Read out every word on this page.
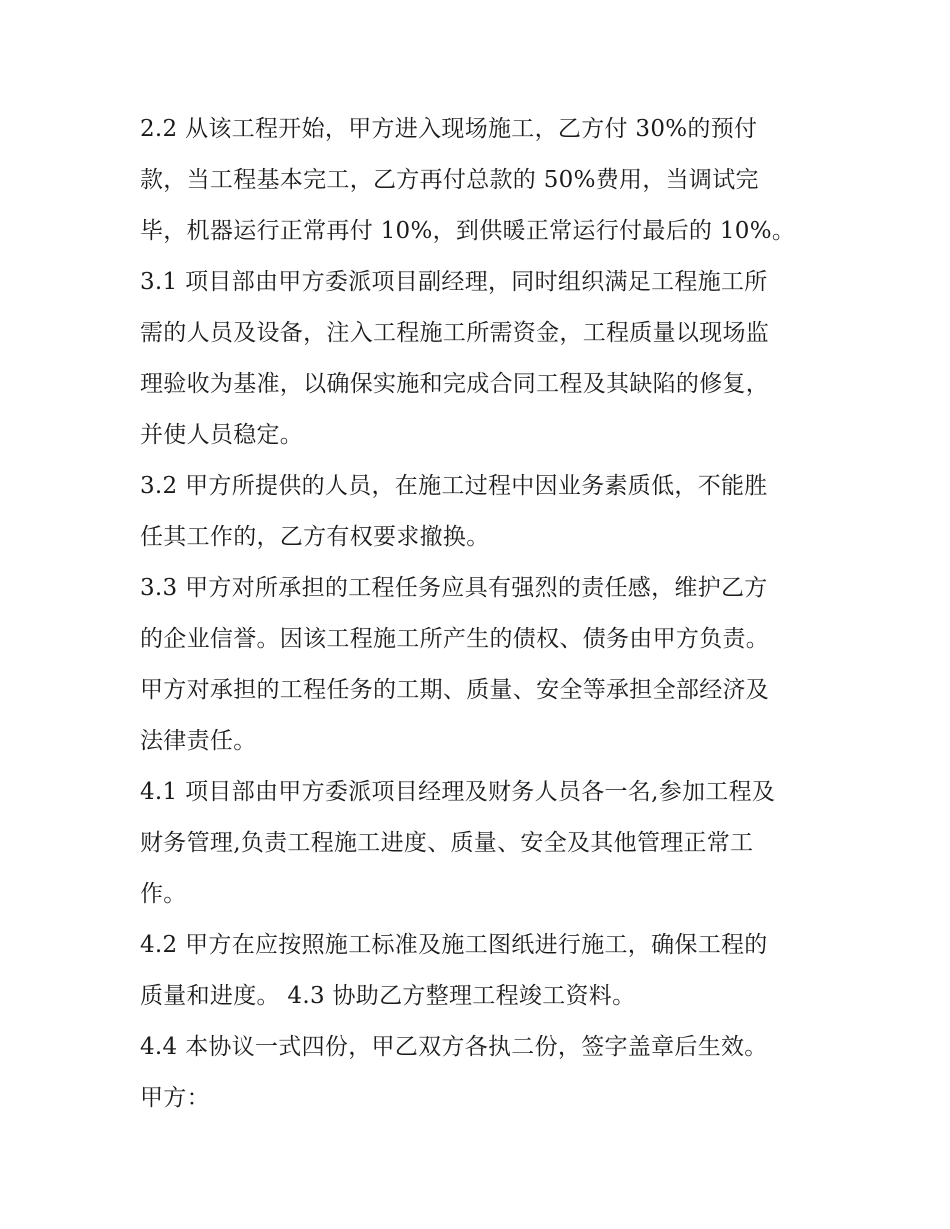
2.2 从该工程开始，甲方进入现场施工，乙方付 30%的预付
款，当工程基本完工，乙方再付总款的 50%费用，当调试完
毕，机器运行正常再付 10%，到供暖正常运行付最后的 10%。
3.1 项目部由甲方委派项目副经理，同时组织满足工程施工所
需的人员及设备，注入工程施工所需资金，工程质量以现场监
理验收为基准，以确保实施和完成合同工程及其缺陷的修复，
并使人员稳定。
3.2 甲方所提供的人员，在施工过程中因业务素质低，不能胜
任其工作的，乙方有权要求撤换。
3.3 甲方对所承担的工程任务应具有强烈的责任感，维护乙方
的企业信誉。因该工程施工所产生的债权、债务由甲方负责。
甲方对承担的工程任务的工期、质量、安全等承担全部经济及
法律责任。
4.1 项目部由甲方委派项目经理及财务人员各一名,参加工程及
财务管理,负责工程施工进度、质量、安全及其他管理正常工
作。
4.2 甲方在应按照施工标准及施工图纸进行施工，确保工程的
质量和进度。 4.3 协助乙方整理工程竣工资料。
4.4 本协议一式四份，甲乙双方各执二份，签字盖章后生效。
甲方：
